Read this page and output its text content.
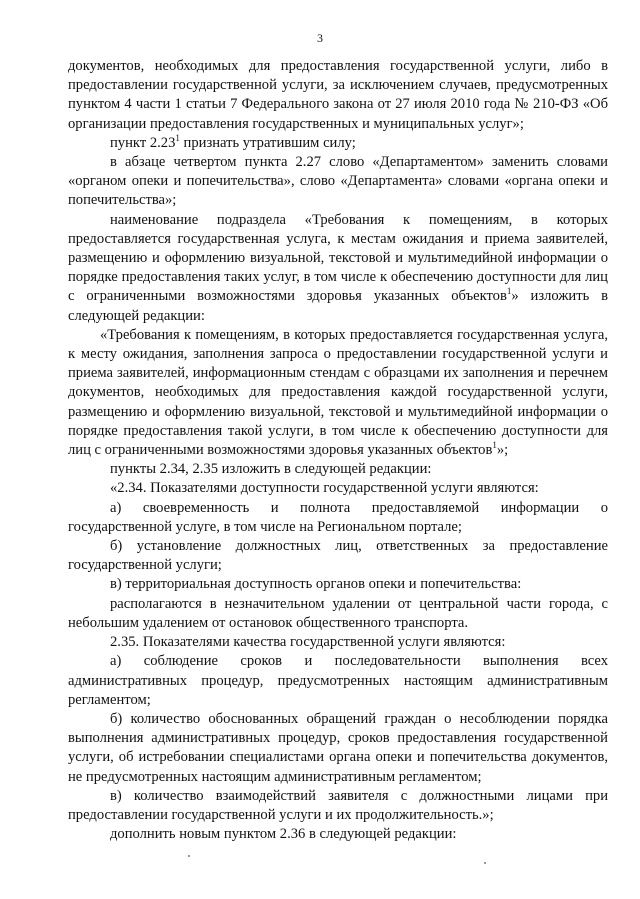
3

документов, необходимых для предоставления государственной услуги, либо в предоставлении государственной услуги, за исключением случаев, предусмотренных пунктом 4 части 1 статьи 7 Федерального закона от 27 июля 2010 года № 210-ФЗ «Об организации предоставления государственных и муниципальных услуг»;

пункт 2.23$^1$ признать утратившим силу;

в абзаце четвертом пункта 2.27 слово «Департаментом» заменить словами «органом опеки и попечительства», слово «Департамента» словами «органа опеки и попечительства»;

наименование подраздела «Требования к помещениям, в которых предоставляется государственная услуга, к местам ожидания и приема заявителей, размещению и оформлению визуальной, текстовой и мультимедийной информации о порядке предоставления таких услуг, в том числе к обеспечению доступности для лиц с ограниченными возможностями здоровья указанных объектов$^1$» изложить в следующей редакции:

«Требования к помещениям, в которых предоставляется государственная услуга, к месту ожидания, заполнения запроса о предоставлении государственной услуги и приема заявителей, информационным стендам с образцами их заполнения и перечнем документов, необходимых для предоставления каждой государственной услуги, размещению и оформлению визуальной, текстовой и мультимедийной информации о порядке предоставления такой услуги, в том числе к обеспечению доступности для лиц с ограниченными возможностями здоровья указанных объектов$^1$»;

пункты 2.34, 2.35 изложить в следующей редакции:

«2.34. Показателями доступности государственной услуги являются:

а) своевременность и полнота предоставляемой информации о государственной услуге, в том числе на Региональном портале;

б) установление должностных лиц, ответственных за предоставление государственной услуги;

в) территориальная доступность органов опеки и попечительства:

располагаются в незначительном удалении от центральной части города, с небольшим удалением от остановок общественного транспорта.

2.35. Показателями качества государственной услуги являются:

а) соблюдение сроков и последовательности выполнения всех административных процедур, предусмотренных настоящим административным регламентом;

б) количество обоснованных обращений граждан о несоблюдении порядка выполнения административных процедур, сроков предоставления государственной услуги, об истребовании специалистами органа опеки и попечительства документов, не предусмотренных настоящим административным регламентом;

в) количество взаимодействий заявителя с должностными лицами при предоставлении государственной услуги и их продолжительность.»;

дополнить новым пунктом 2.36 в следующей редакции:
